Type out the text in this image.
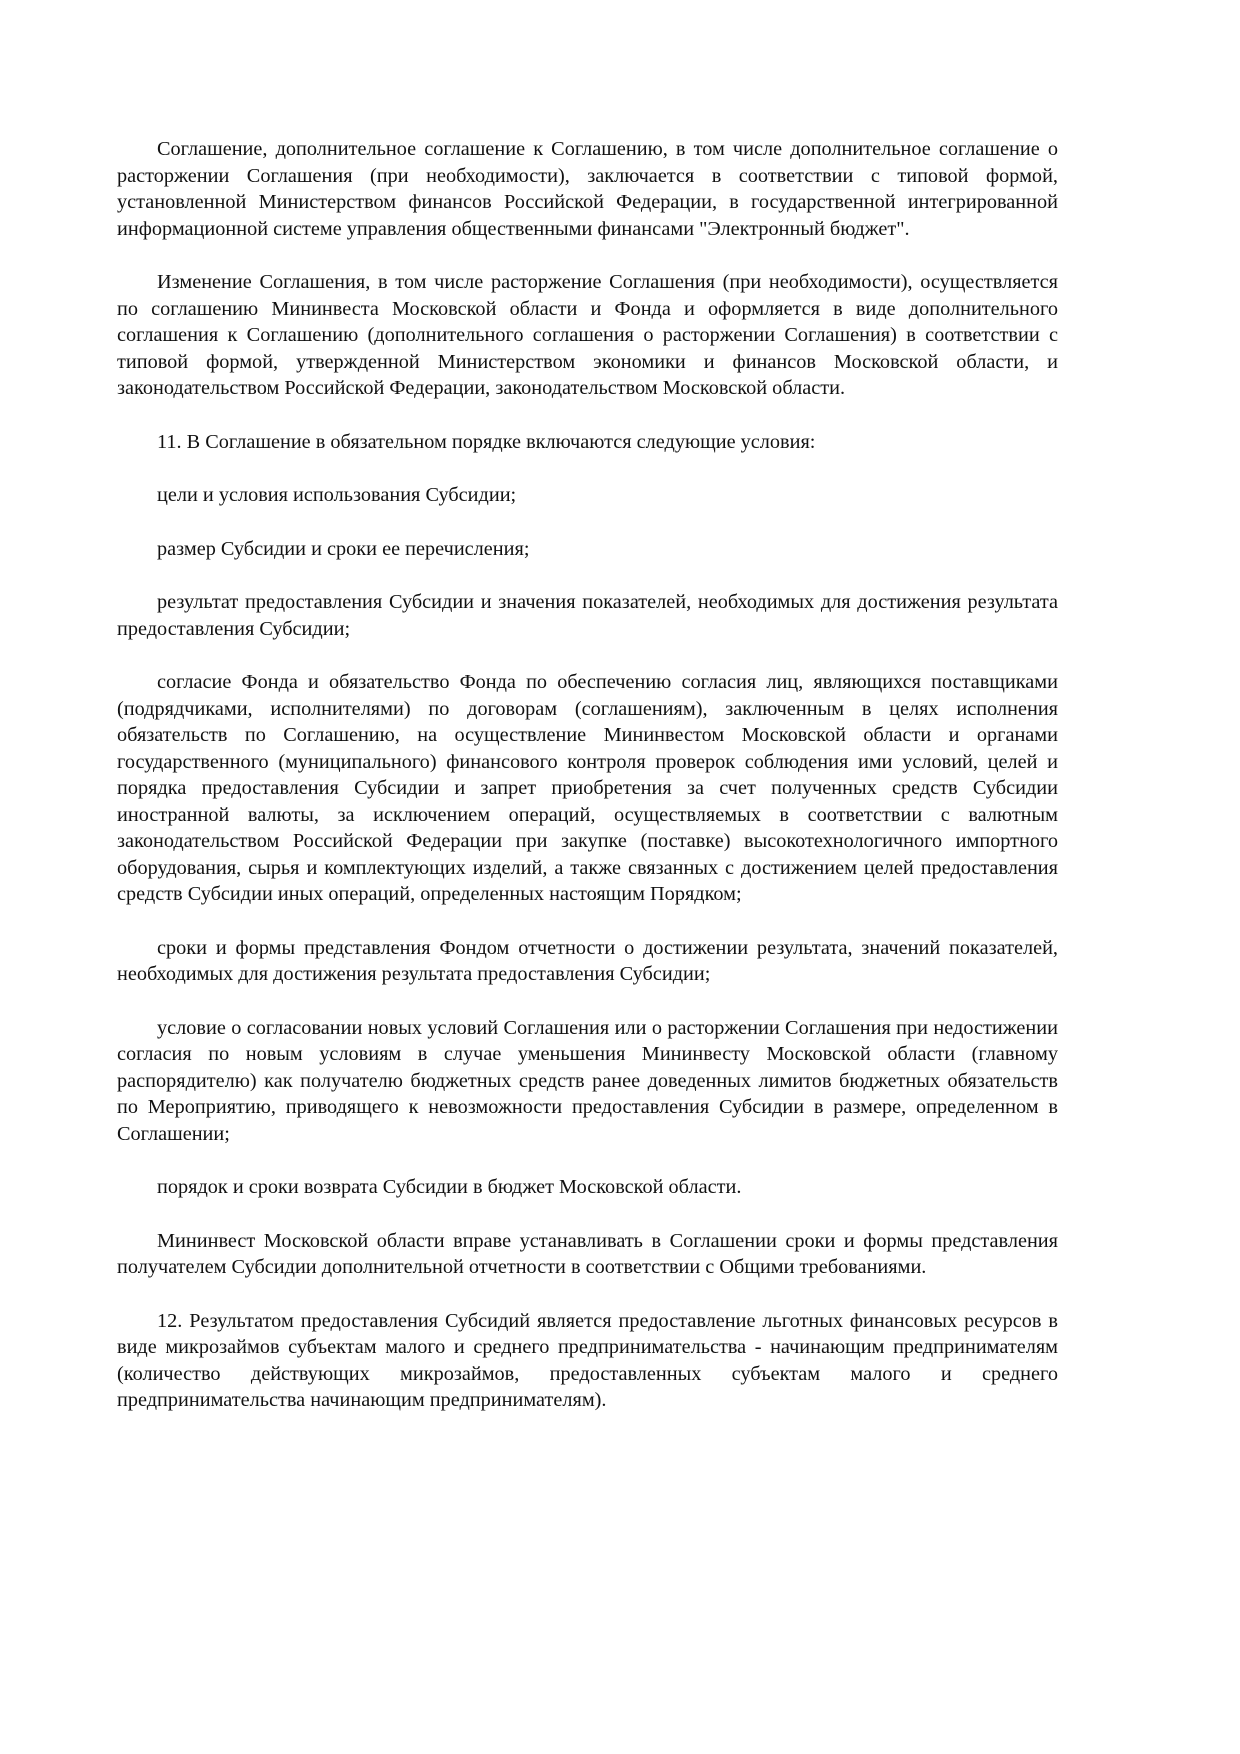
Соглашение, дополнительное соглашение к Соглашению, в том числе дополнительное соглашение о расторжении Соглашения (при необходимости), заключается в соответствии с типовой формой, установленной Министерством финансов Российской Федерации, в государственной интегрированной информационной системе управления общественными финансами "Электронный бюджет".

Изменение Соглашения, в том числе расторжение Соглашения (при необходимости), осуществляется по соглашению Мининвеста Московской области и Фонда и оформляется в виде дополнительного соглашения к Соглашению (дополнительного соглашения о расторжении Соглашения) в соответствии с типовой формой, утвержденной Министерством экономики и финансов Московской области, и законодательством Российской Федерации, законодательством Московской области.

11. В Соглашение в обязательном порядке включаются следующие условия:

цели и условия использования Субсидии;

размер Субсидии и сроки ее перечисления;

результат предоставления Субсидии и значения показателей, необходимых для достижения результата предоставления Субсидии;

согласие Фонда и обязательство Фонда по обеспечению согласия лиц, являющихся поставщиками (подрядчиками, исполнителями) по договорам (соглашениям), заключенным в целях исполнения обязательств по Соглашению, на осуществление Мининвестом Московской области и органами государственного (муниципального) финансового контроля проверок соблюдения ими условий, целей и порядка предоставления Субсидии и запрет приобретения за счет полученных средств Субсидии иностранной валюты, за исключением операций, осуществляемых в соответствии с валютным законодательством Российской Федерации при закупке (поставке) высокотехнологичного импортного оборудования, сырья и комплектующих изделий, а также связанных с достижением целей предоставления средств Субсидии иных операций, определенных настоящим Порядком;

сроки и формы представления Фондом отчетности о достижении результата, значений показателей, необходимых для достижения результата предоставления Субсидии;

условие о согласовании новых условий Соглашения или о расторжении Соглашения при недостижении согласия по новым условиям в случае уменьшения Мининвесту Московской области (главному распорядителю) как получателю бюджетных средств ранее доведенных лимитов бюджетных обязательств по Мероприятию, приводящего к невозможности предоставления Субсидии в размере, определенном в Соглашении;

порядок и сроки возврата Субсидии в бюджет Московской области.

Мининвест Московской области вправе устанавливать в Соглашении сроки и формы представления получателем Субсидии дополнительной отчетности в соответствии с Общими требованиями.

12. Результатом предоставления Субсидий является предоставление льготных финансовых ресурсов в виде микрозаймов субъектам малого и среднего предпринимательства - начинающим предпринимателям (количество действующих микрозаймов, предоставленных субъектам малого и среднего предпринимательства начинающим предпринимателям).
